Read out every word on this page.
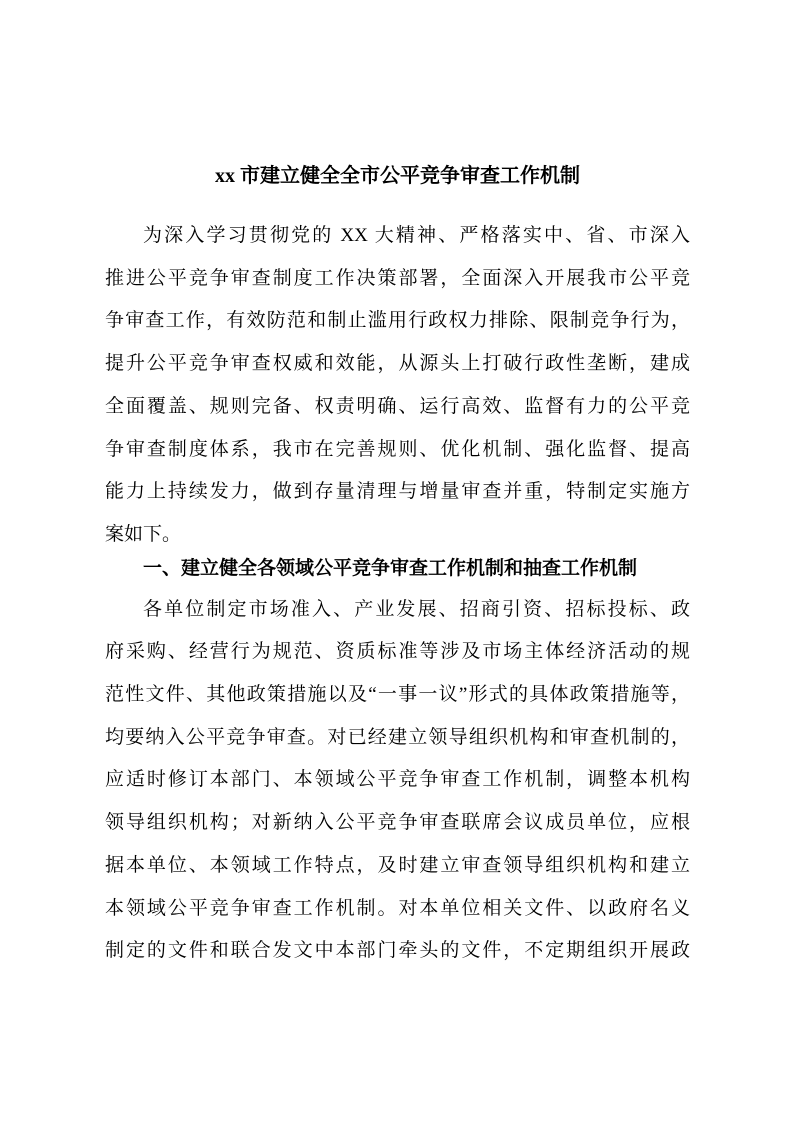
xx 市建立健全全市公平竞争审查工作机制
为深入学习贯彻党的 XX 大精神、严格落实中、省、市深入
推进公平竞争审查制度工作决策部署，全面深入开展我市公平竞
争审查工作，有效防范和制止滥用行政权力排除、限制竞争行为，
提升公平竞争审查权威和效能，从源头上打破行政性垄断，建成
全面覆盖、规则完备、权责明确、运行高效、监督有力的公平竞
争审查制度体系，我市在完善规则、优化机制、强化监督、提高
能力上持续发力，做到存量清理与增量审查并重，特制定实施方
案如下。
一、建立健全各领域公平竞争审查工作机制和抽查工作机制
各单位制定市场准入、产业发展、招商引资、招标投标、政
府采购、经营行为规范、资质标准等涉及市场主体经济活动的规
范性文件、其他政策措施以及“一事一议”形式的具体政策措施等，
均要纳入公平竞争审查。对已经建立领导组织机构和审查机制的，
应适时修订本部门、本领域公平竞争审查工作机制，调整本机构
领导组织机构；对新纳入公平竞争审查联席会议成员单位，应根
据本单位、本领域工作特点，及时建立审查领导组织机构和建立
本领域公平竞争审查工作机制。对本单位相关文件、以政府名义
制定的文件和联合发文中本部门牵头的文件，不定期组织开展政
